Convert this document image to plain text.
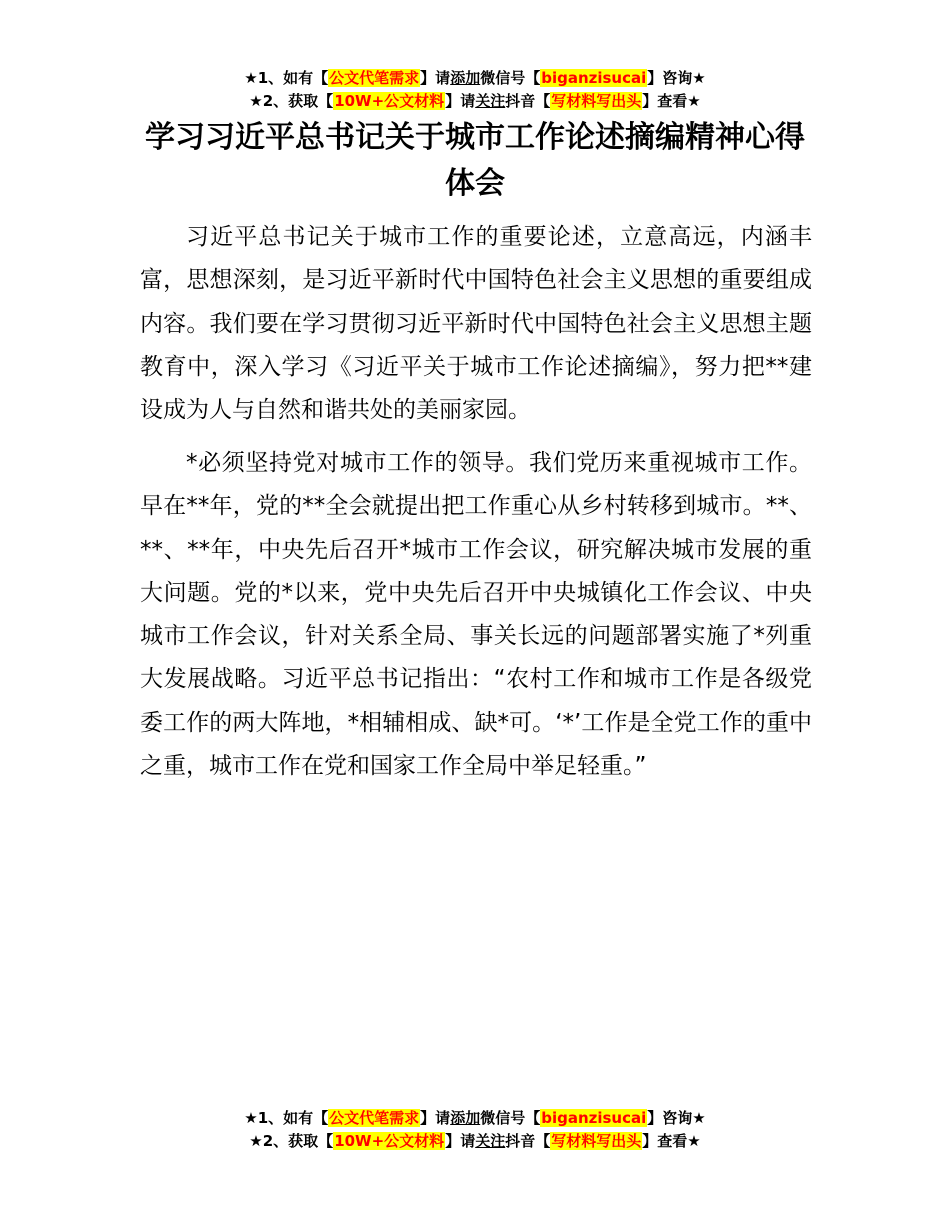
★1、如有【公文代笔需求】请添加微信号【biganzisucai】咨询★
★2、获取【10W+公文材料】请关注抖音【写材料写出头】查看★
学习习近平总书记关于城市工作论述摘编精神心得体会

习近平总书记关于城市工作的重要论述，立意高远，内涵丰富，思想深刻，是习近平新时代中国特色社会主义思想的重要组成内容。我们要在学习贯彻习近平新时代中国特色社会主义思想主题教育中，深入学习《习近平关于城市工作论述摘编》，努力把**建设成为人与自然和谐共处的美丽家园。

*必须坚持党对城市工作的领导。我们党历来重视城市工作。早在**年，党的**全会就提出把工作重心从乡村转移到城市。**、**、**年，中央先后召开*城市工作会议，研究解决城市发展的重大问题。党的*以来，党中央先后召开中央城镇化工作会议、中央城市工作会议，针对关系全局、事关长远的问题部署实施了*列重大发展战略。习近平总书记指出：“农村工作和城市工作是各级党委工作的两大阵地，*相辅相成、缺*可。‘*’工作是全党工作的重中之重，城市工作在党和国家工作全局中举足轻重。”

★1、如有【公文代笔需求】请添加微信号【biganzisucai】咨询★
★2、获取【10W+公文材料】请关注抖音【写材料写出头】查看★
